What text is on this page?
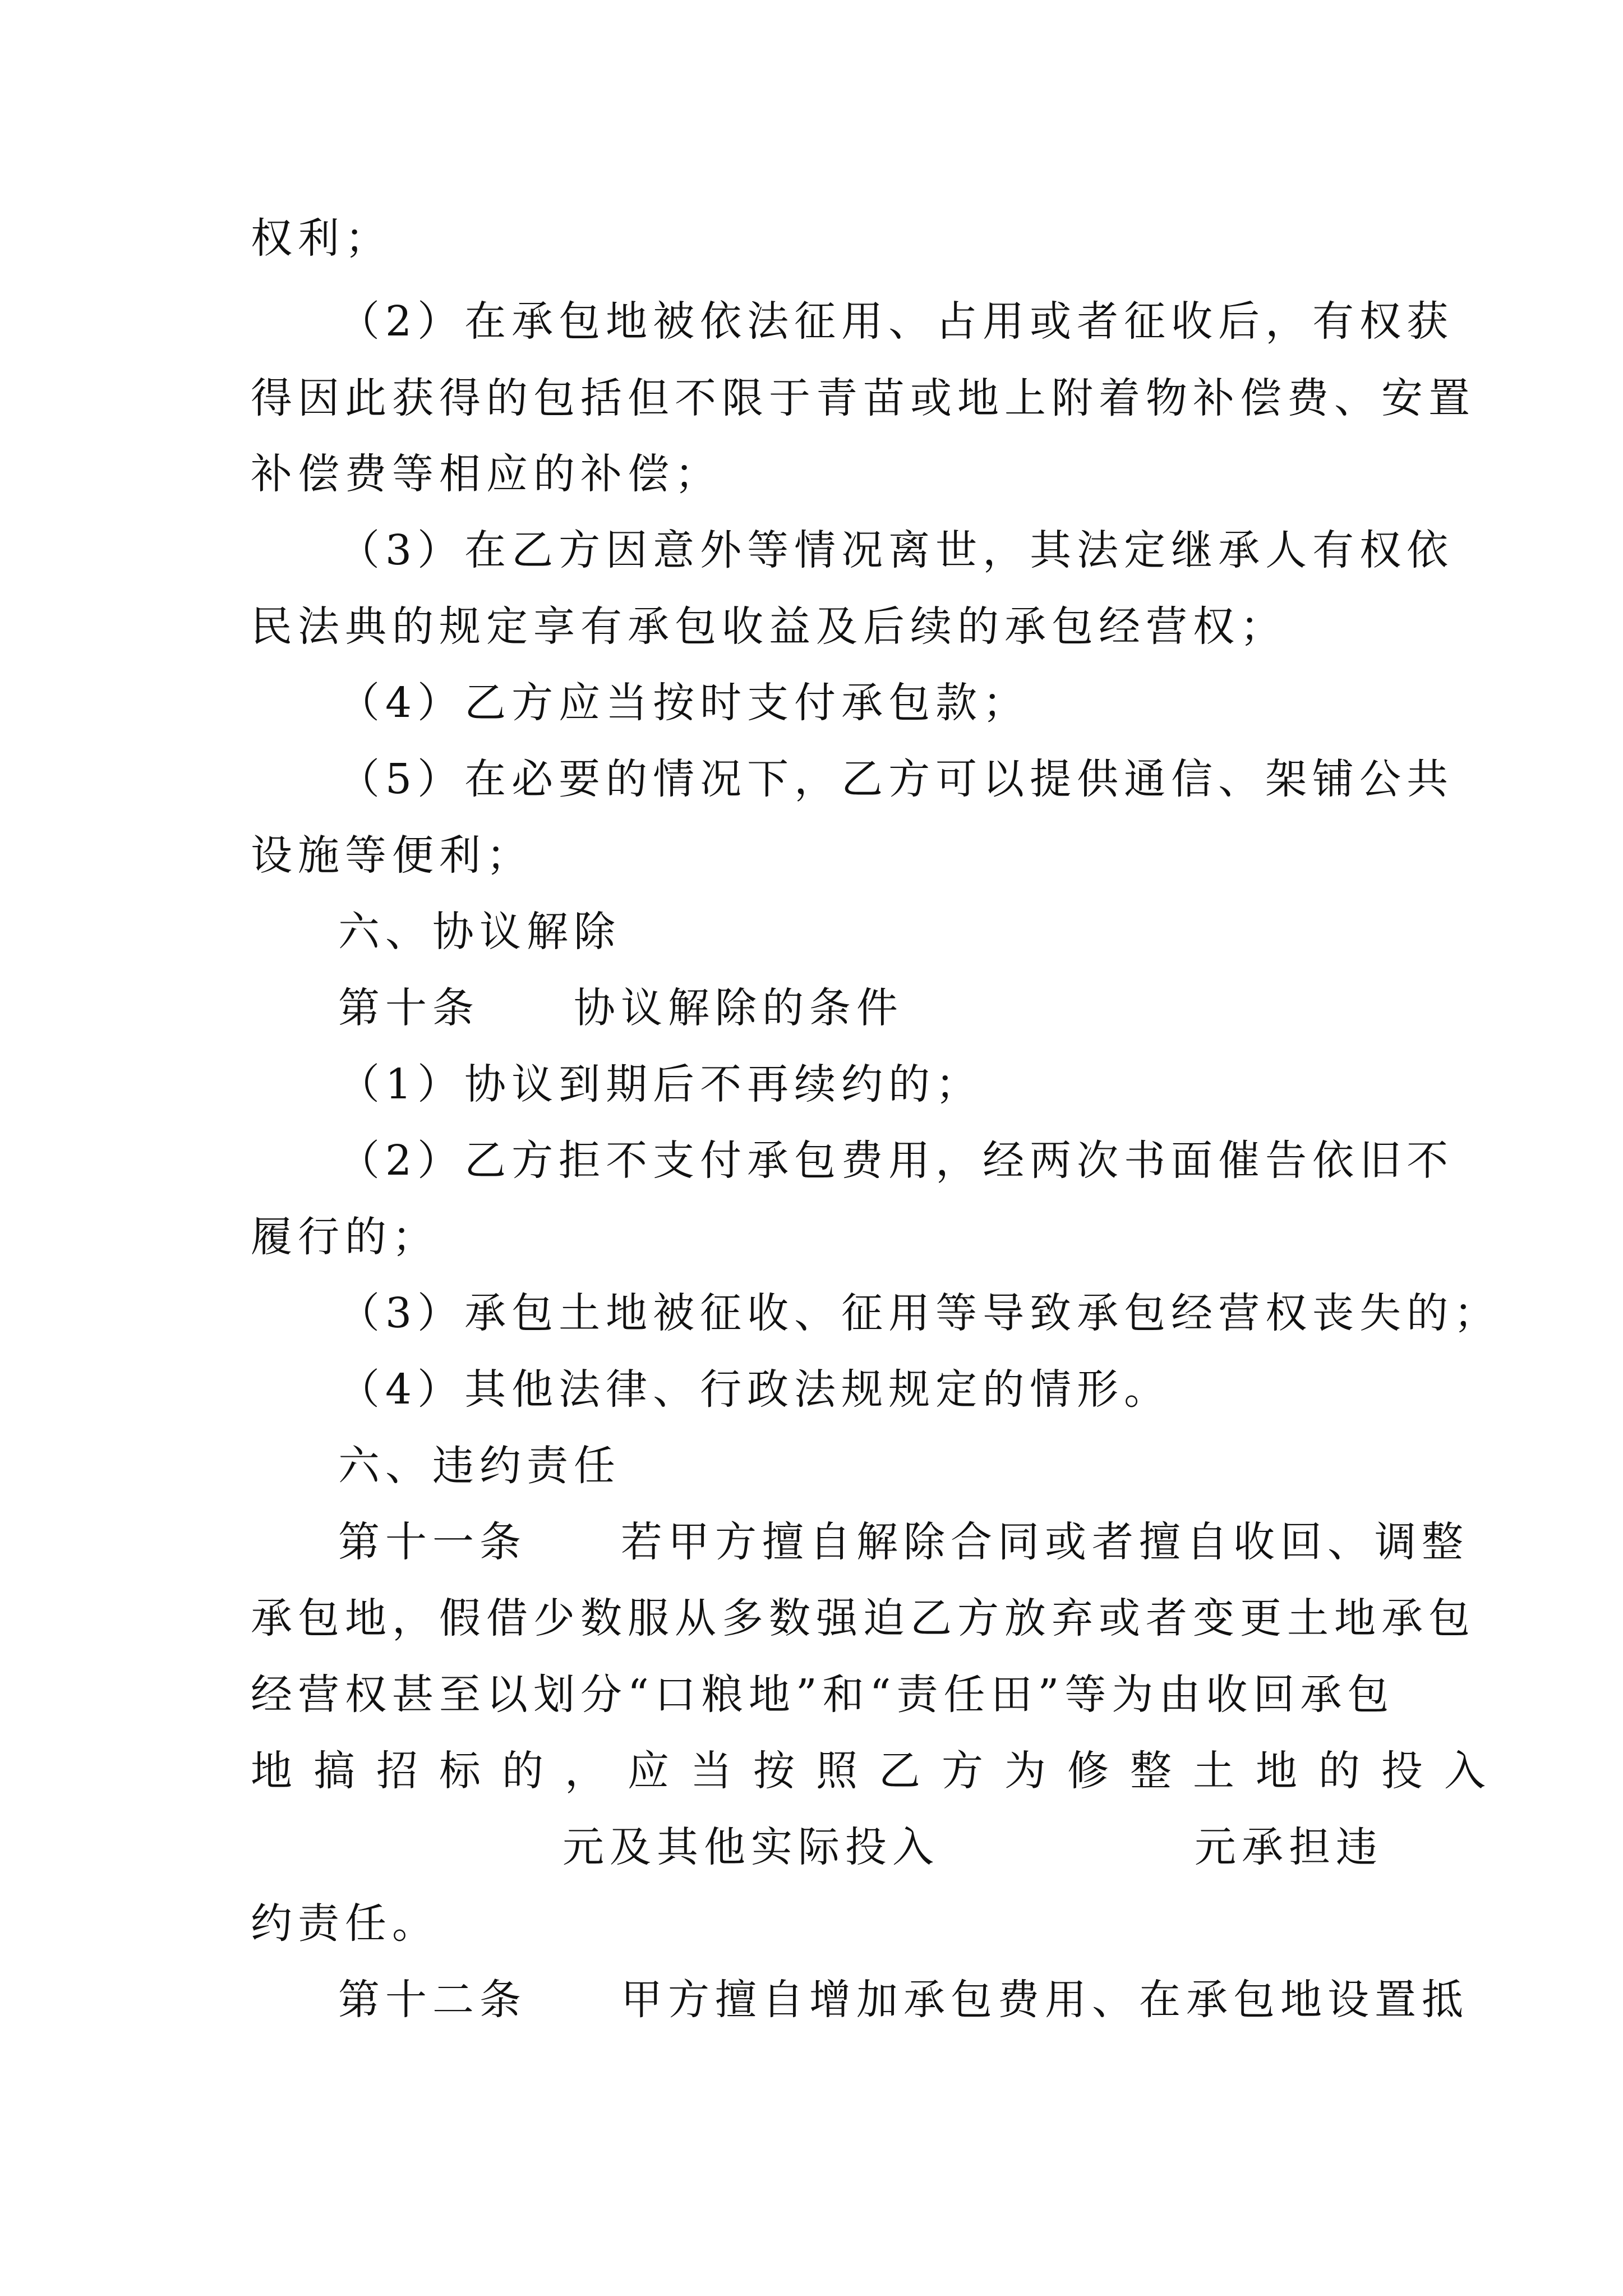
权利；
（2）在承包地被依法征用、占用或者征收后，有权获
得因此获得的包括但不限于青苗或地上附着物补偿费、安置
补偿费等相应的补偿；
（3）在乙方因意外等情况离世，其法定继承人有权依
民法典的规定享有承包收益及后续的承包经营权；
（4）乙方应当按时支付承包款；
（5）在必要的情况下，乙方可以提供通信、架铺公共
设施等便利；
六、协议解除
第十条　　协议解除的条件
（1）协议到期后不再续约的；
（2）乙方拒不支付承包费用，经两次书面催告依旧不
履行的；
（3）承包土地被征收、征用等导致承包经营权丧失的；
（4）其他法律、行政法规规定的情形。
六、违约责任
第十一条　　若甲方擅自解除合同或者擅自收回、调整
承包地，假借少数服从多数强迫乙方放弃或者变更土地承包
经营权甚至以划分“口粮地”和“责任田”等为由收回承包
地搞招标的，应当按照乙方为修整土地的投入
元及其他实际投入	元承担违
约责任。
第十二条　　甲方擅自增加承包费用、在承包地设置抵
